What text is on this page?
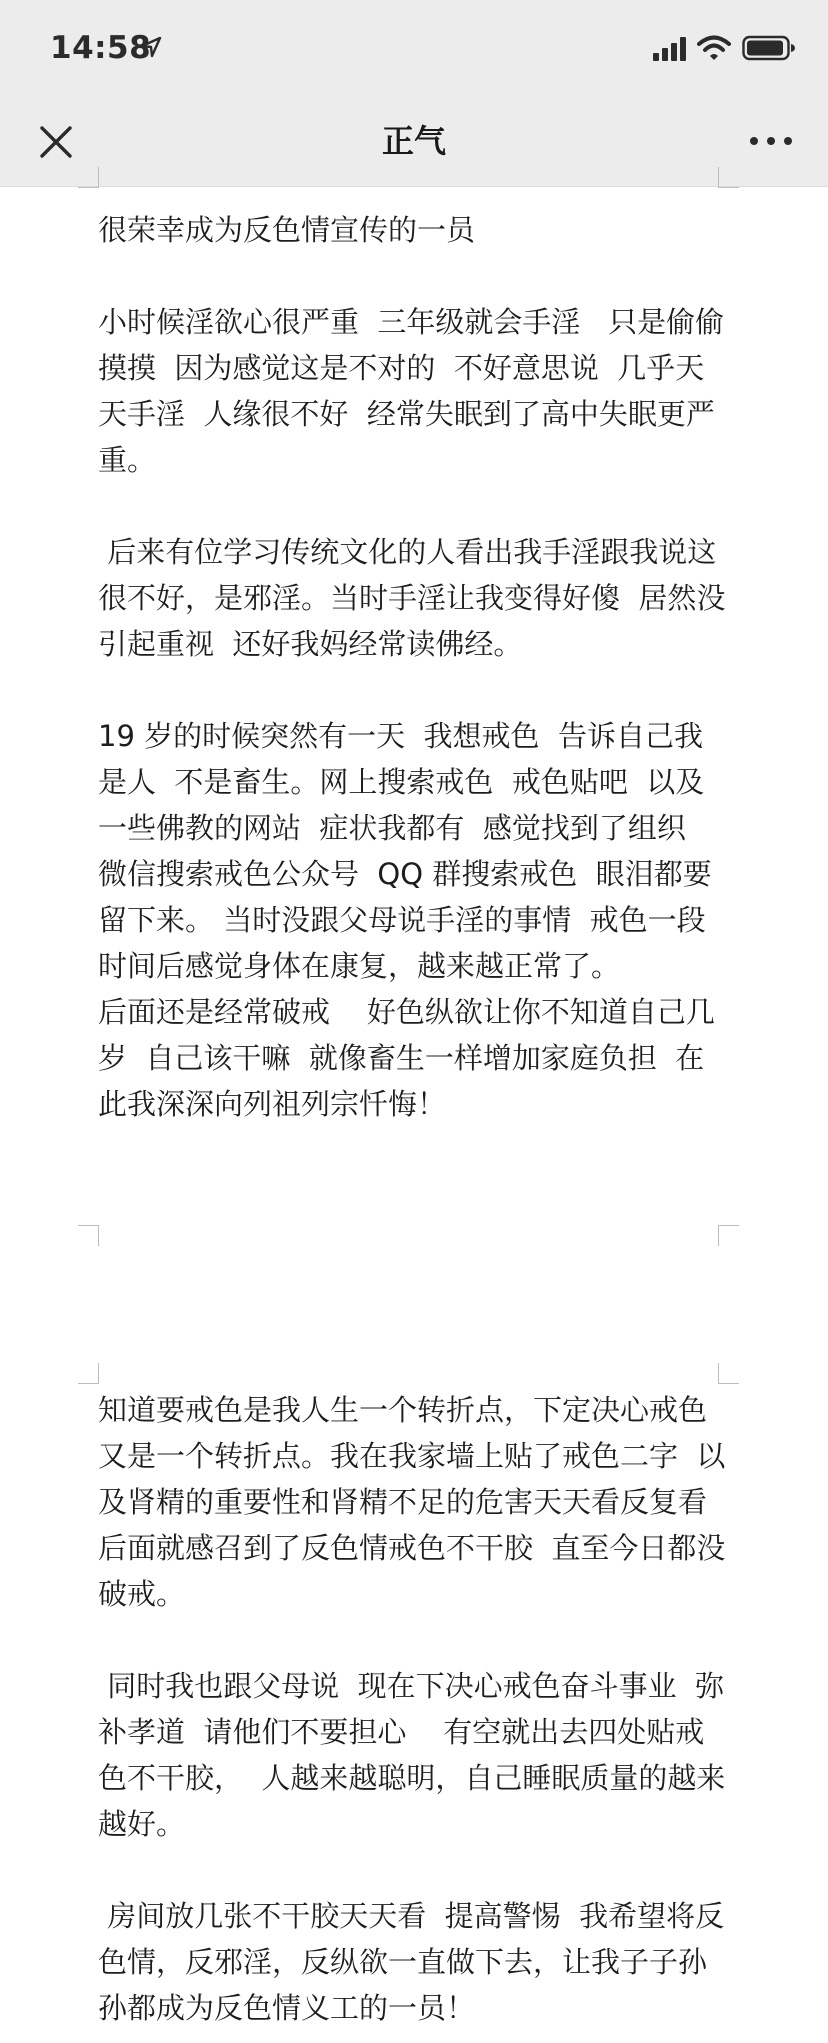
14:58
正气

很荣幸成为反色情宣传的一员

小时候淫欲心很严重  三年级就会手淫   只是偷偷摸摸  因为感觉这是不对的  不好意思说  几乎天天手淫  人缘很不好  经常失眠到了高中失眠更严重。

后来有位学习传统文化的人看出我手淫跟我说这很不好，是邪淫。当时手淫让我变得好傻  居然没引起重视  还好我妈经常读佛经。

19 岁的时候突然有一天  我想戒色  告诉自己我是人  不是畜生。网上搜索戒色  戒色贴吧  以及一些佛教的网站  症状我都有  感觉找到了组织  微信搜索戒色公众号  QQ 群搜索戒色  眼泪都要留下来。 当时没跟父母说手淫的事情  戒色一段时间后感觉身体在康复，越来越正常了。
后面还是经常破戒    好色纵欲让你不知道自己几岁  自己该干嘛  就像畜生一样增加家庭负担  在此我深深向列祖列宗忏悔！

知道要戒色是我人生一个转折点，下定决心戒色又是一个转折点。我在我家墙上贴了戒色二字  以及肾精的重要性和肾精不足的危害天天看反复看    后面就感召到了反色情戒色不干胶  直至今日都没破戒。

同时我也跟父母说  现在下决心戒色奋斗事业  弥补孝道  请他们不要担心    有空就出去四处贴戒色不干胶，  人越来越聪明，自己睡眠质量的越来越好。

房间放几张不干胶天天看  提高警惕  我希望将反色情，反邪淫，反纵欲一直做下去，让我子子孙孙都成为反色情义工的一员！
